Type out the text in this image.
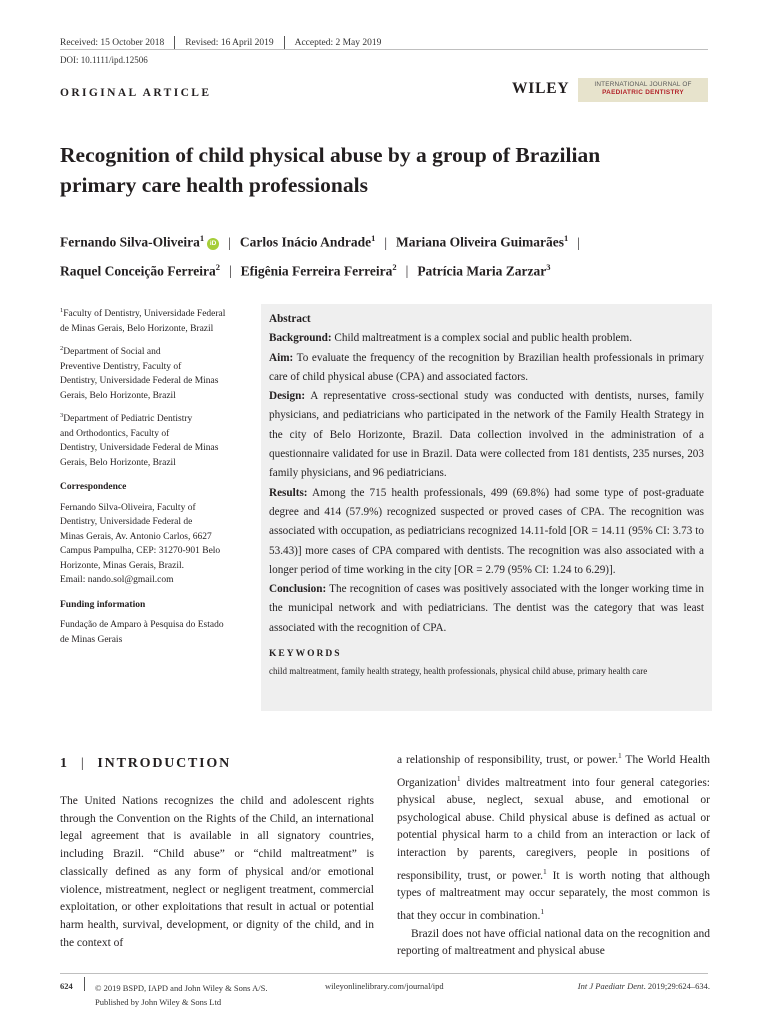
Received: 15 October 2018 Revised: 16 April 2019 Accepted: 2 May 2019
DOI: 10.1111/ipd.12506
ORIGINAL ARTICLE	WILEY	INTERNATIONAL JOURNAL OF
PAEDIATRIC DENTISTRY
Recognition of child physical abuse by a group of Brazilian
primary care health professionals
Fernando Silva-Oliveira$^1$ iD | Carlos Inácio Andrade$^1$ | Mariana Oliveira Guimarães$^1$ |
Raquel Conceição Ferreira$^2$ | Efigênia Ferreira Ferreira$^2$ | Patrícia Maria Zarzar$^3$

$^1$Faculty of Dentistry, Universidade Federal
de Minas Gerais, Belo Horizonte, Brazil

$^2$Department of Social and
Preventive Dentistry, Faculty of
Dentistry, Universidade Federal de Minas
Gerais, Belo Horizonte, Brazil

$^3$Department of Pediatric Dentistry
and Orthodontics, Faculty of
Dentistry, Universidade Federal de Minas
Gerais, Belo Horizonte, Brazil

Correspondence

Fernando Silva-Oliveira, Faculty of
Dentistry, Universidade Federal de
Minas Gerais, Av. Antonio Carlos, 6627
Campus Pampulha, CEP: 31270-901 Belo
Horizonte, Minas Gerais, Brazil.
Email: nando.sol@gmail.com

Funding information

Fundação de Amparo à Pesquisa do Estado
de Minas Gerais

Abstract

Background: Child maltreatment is a complex social and public health problem.

Aim: To evaluate the frequency of the recognition by Brazilian health professionals in primary care of child physical abuse (CPA) and associated factors.

Design: A representative cross-sectional study was conducted with dentists, nurses, family physicians, and pediatricians who participated in the network of the Family Health Strategy in the city of Belo Horizonte, Brazil. Data collection involved in the administration of a questionnaire validated for use in Brazil. Data were collected from 181 dentists, 235 nurses, 203 family physicians, and 96 pediatricians.

Results: Among the 715 health professionals, 499 (69.8%) had some type of post-graduate degree and 414 (57.9%) recognized suspected or proved cases of CPA. The recognition was associated with occupation, as pediatricians recognized 14.11-fold [OR = 14.11 (95% CI: 3.73 to 53.43)] more cases of CPA compared with dentists. The recognition was also associated with a longer period of time working in the city [OR = 2.79 (95% CI: 1.24 to 6.29)].

Conclusion: The recognition of cases was positively associated with the longer working time in the municipal network and with pediatricians. The dentist was the category that was least associated with the recognition of CPA.

KEYWORDS
child maltreatment, family health strategy, health professionals, physical child abuse, primary health care
1 | INTRODUCTION

The United Nations recognizes the child and adolescent rights through the Convention on the Rights of the Child, an international legal agreement that is available in all signatory countries, including Brazil. “Child abuse” or “child maltreatment” is classically defined as any form of physical and/or emotional violence, mistreatment, neglect or negligent treatment, commercial exploitation, or other exploitations that result in actual or potential harm health, survival, development, or dignity of the child, and in the context of

a relationship of responsibility, trust, or power.$^1$ The World Health Organization$^1$ divides maltreatment into four general categories: physical abuse, neglect, sexual abuse, and emotional or psychological abuse. Child physical abuse is defined as actual or potential physical harm to a child from an interaction or lack of interaction by parents, caregivers, people in positions of responsibility, trust, or power.$^1$ It is worth noting that although types of maltreatment may occur separately, the most common is that they occur in combination.$^1$

Brazil does not have official national data on the recognition and reporting of maltreatment and physical abuse

624	© 2019 BSPD, IAPD and John Wiley & Sons A/S.
Published by John Wiley & Sons Ltd
wileyonlinelibrary.com/journal/ipd	Int J Paediatr Dent. 2019;29:624–634.
